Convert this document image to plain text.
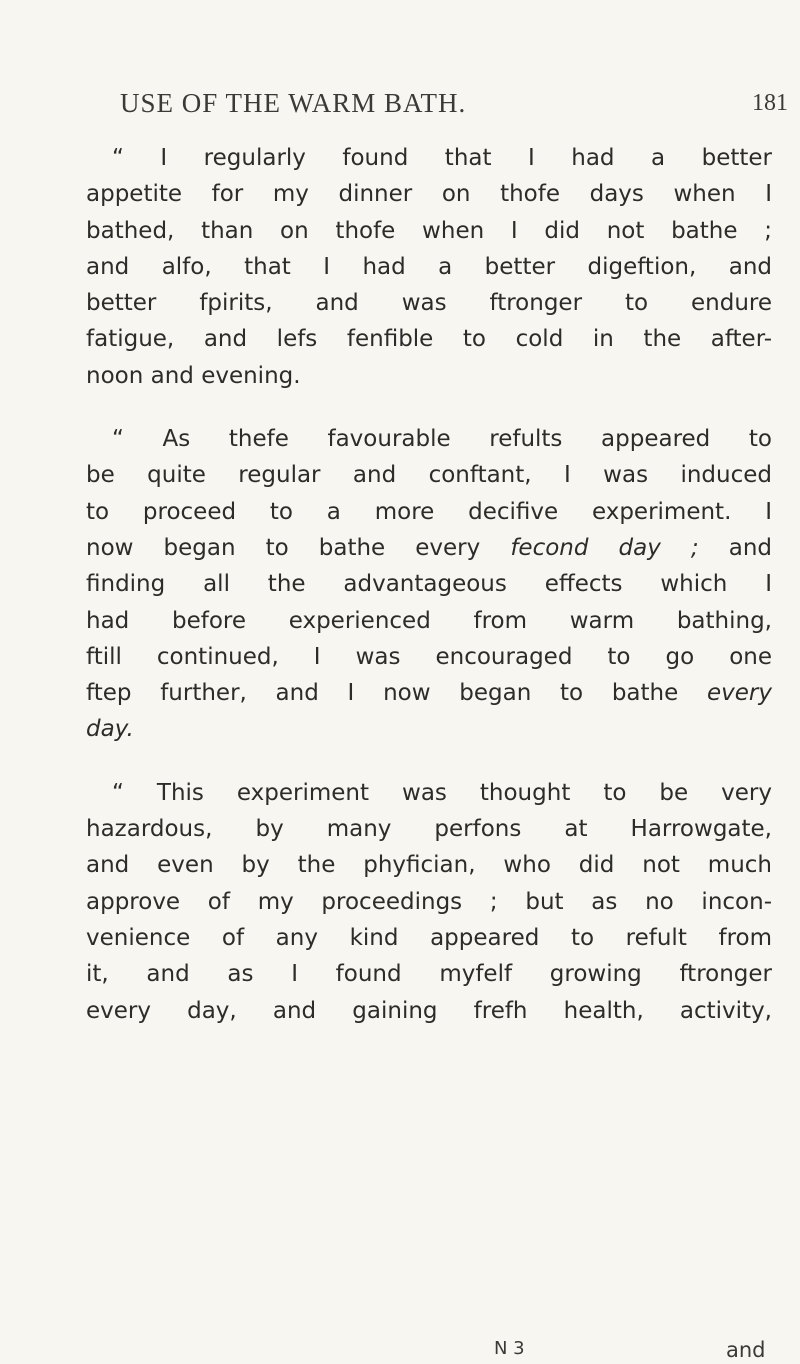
USE OF THE WARM BATH.	181
“ I regularly found that I had a better
appetite for my dinner on thofe days when I
bathed, than on thofe when I did not bathe ;
and alfo, that I had a better digeftion, and
better fpirits, and was ftronger to endure
fatigue, and lefs fenfible to cold in the after-
noon and evening.
“ As thefe favourable refults appeared to
be quite regular and conftant, I was induced
to proceed to a more decifive experiment. I
now began to bathe every fecond day ; and
finding all the advantageous effects which I
had before experienced from warm bathing,
ftill continued, I was encouraged to go one
ftep further, and I now began to bathe every
day.
“ This experiment was thought to be very
hazardous, by many perfons at Harrowgate,
and even by the phyfician, who did not much
approve of my proceedings ; but as no incon-
venience of any kind appeared to refult from
it, and as I found myfelf growing ftronger
every day, and gaining frefh health, activity,
N 3	and
